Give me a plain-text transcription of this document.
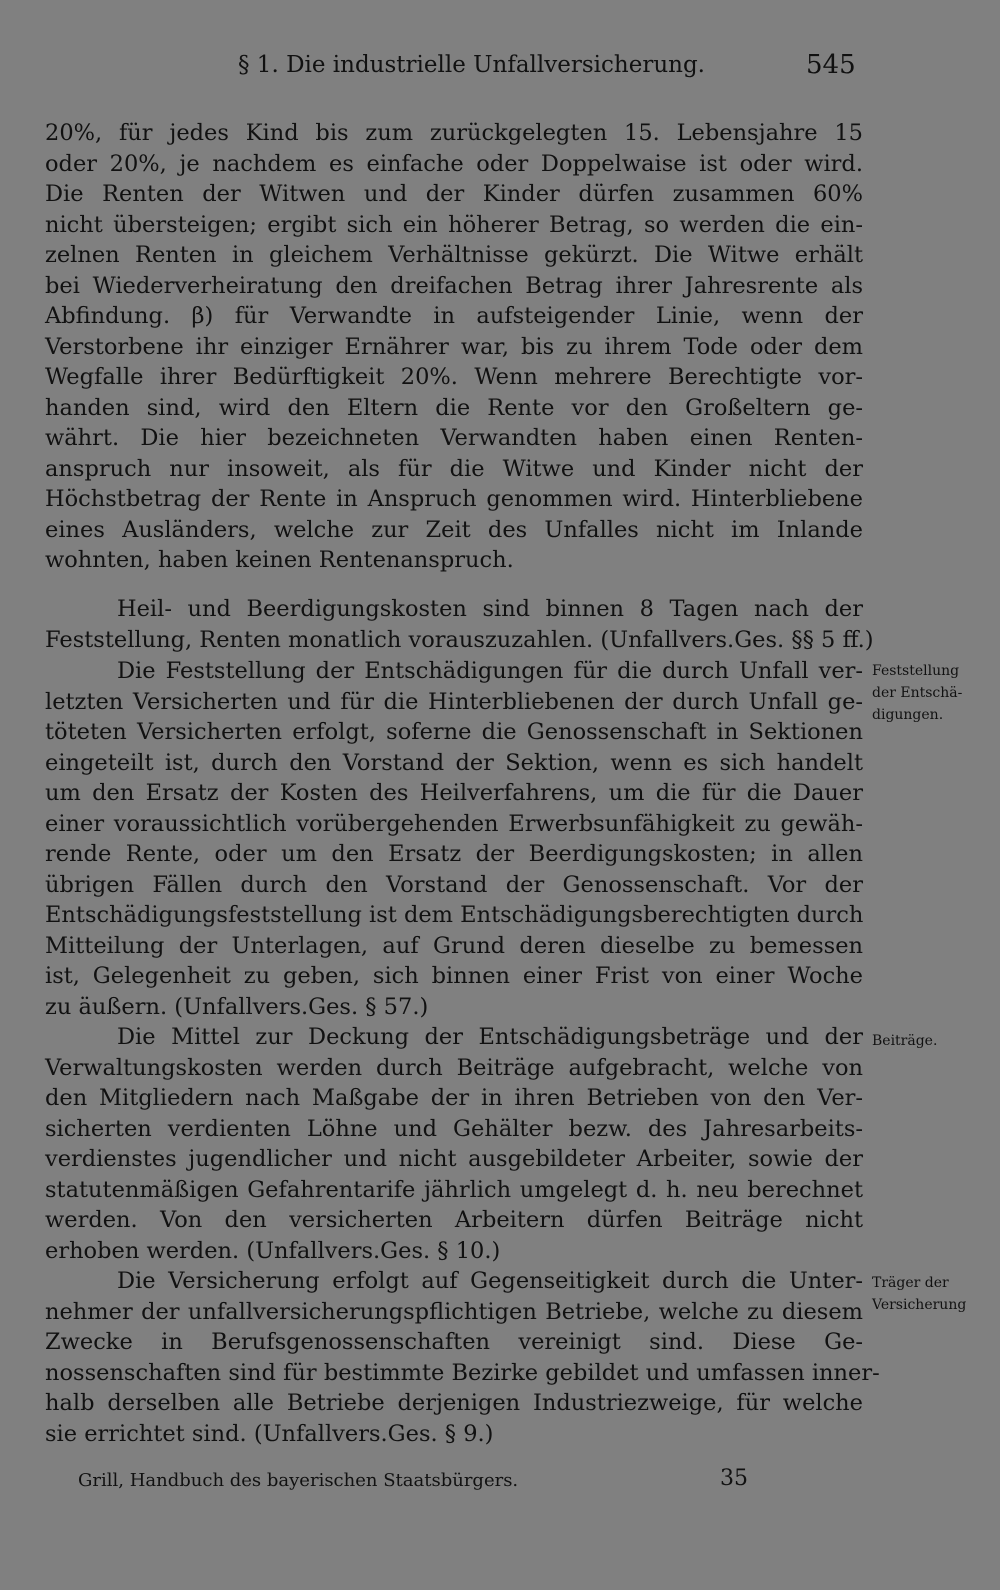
§ 1. Die industrielle Unfallversicherung.	545
20%, für jedes Kind bis zum zurückgelegten 15. Lebensjahre 15
oder 20%, je nachdem es einfache oder Doppelwaise ist oder wird.
Die Renten der Witwen und der Kinder dürfen zusammen 60%
nicht übersteigen; ergibt sich ein höherer Betrag, so werden die ein-
zelnen Renten in gleichem Verhältnisse gekürzt. Die Witwe erhält
bei Wiederverheiratung den dreifachen Betrag ihrer Jahresrente als
Abfindung. β) für Verwandte in aufsteigender Linie, wenn der
Verstorbene ihr einziger Ernährer war, bis zu ihrem Tode oder dem
Wegfalle ihrer Bedürftigkeit 20%. Wenn mehrere Berechtigte vor-
handen sind, wird den Eltern die Rente vor den Großeltern ge-
währt. Die hier bezeichneten Verwandten haben einen Renten-
anspruch nur insoweit, als für die Witwe und Kinder nicht der
Höchstbetrag der Rente in Anspruch genommen wird. Hinterbliebene
eines Ausländers, welche zur Zeit des Unfalles nicht im Inlande
wohnten, haben keinen Rentenanspruch.
Heil- und Beerdigungskosten sind binnen 8 Tagen nach der
Feststellung, Renten monatlich vorauszuzahlen. (Unfallvers.Ges. §§ 5 ff.)
Die Feststellung der Entschädigungen für die durch Unfall ver-
letzten Versicherten und für die Hinterbliebenen der durch Unfall ge-
töteten Versicherten erfolgt, soferne die Genossenschaft in Sektionen
eingeteilt ist, durch den Vorstand der Sektion, wenn es sich handelt
um den Ersatz der Kosten des Heilverfahrens, um die für die Dauer
einer voraussichtlich vorübergehenden Erwerbsunfähigkeit zu gewäh-
rende Rente, oder um den Ersatz der Beerdigungskosten; in allen
übrigen Fällen durch den Vorstand der Genossenschaft. Vor der
Entschädigungsfeststellung ist dem Entschädigungsberechtigten durch
Mitteilung der Unterlagen, auf Grund deren dieselbe zu bemessen
ist, Gelegenheit zu geben, sich binnen einer Frist von einer Woche
zu äußern. (Unfallvers.Ges. § 57.)
Die Mittel zur Deckung der Entschädigungsbeträge und der
Verwaltungskosten werden durch Beiträge aufgebracht, welche von
den Mitgliedern nach Maßgabe der in ihren Betrieben von den Ver-
sicherten verdienten Löhne und Gehälter bezw. des Jahresarbeits-
verdienstes jugendlicher und nicht ausgebildeter Arbeiter, sowie der
statutenmäßigen Gefahrentarife jährlich umgelegt d. h. neu berechnet
werden. Von den versicherten Arbeitern dürfen Beiträge nicht
erhoben werden. (Unfallvers.Ges. § 10.)
Die Versicherung erfolgt auf Gegenseitigkeit durch die Unter-
nehmer der unfallversicherungspflichtigen Betriebe, welche zu diesem
Zwecke in Berufsgenossenschaften vereinigt sind. Diese Ge-
nossenschaften sind für bestimmte Bezirke gebildet und umfassen inner-
halb derselben alle Betriebe derjenigen Industriezweige, für welche
sie errichtet sind. (Unfallvers.Ges. § 9.)
Feststellung
der Entschä-
digungen.
Beiträge.
Träger der
Versicherung
Grill, Handbuch des bayerischen Staatsbürgers.	35
